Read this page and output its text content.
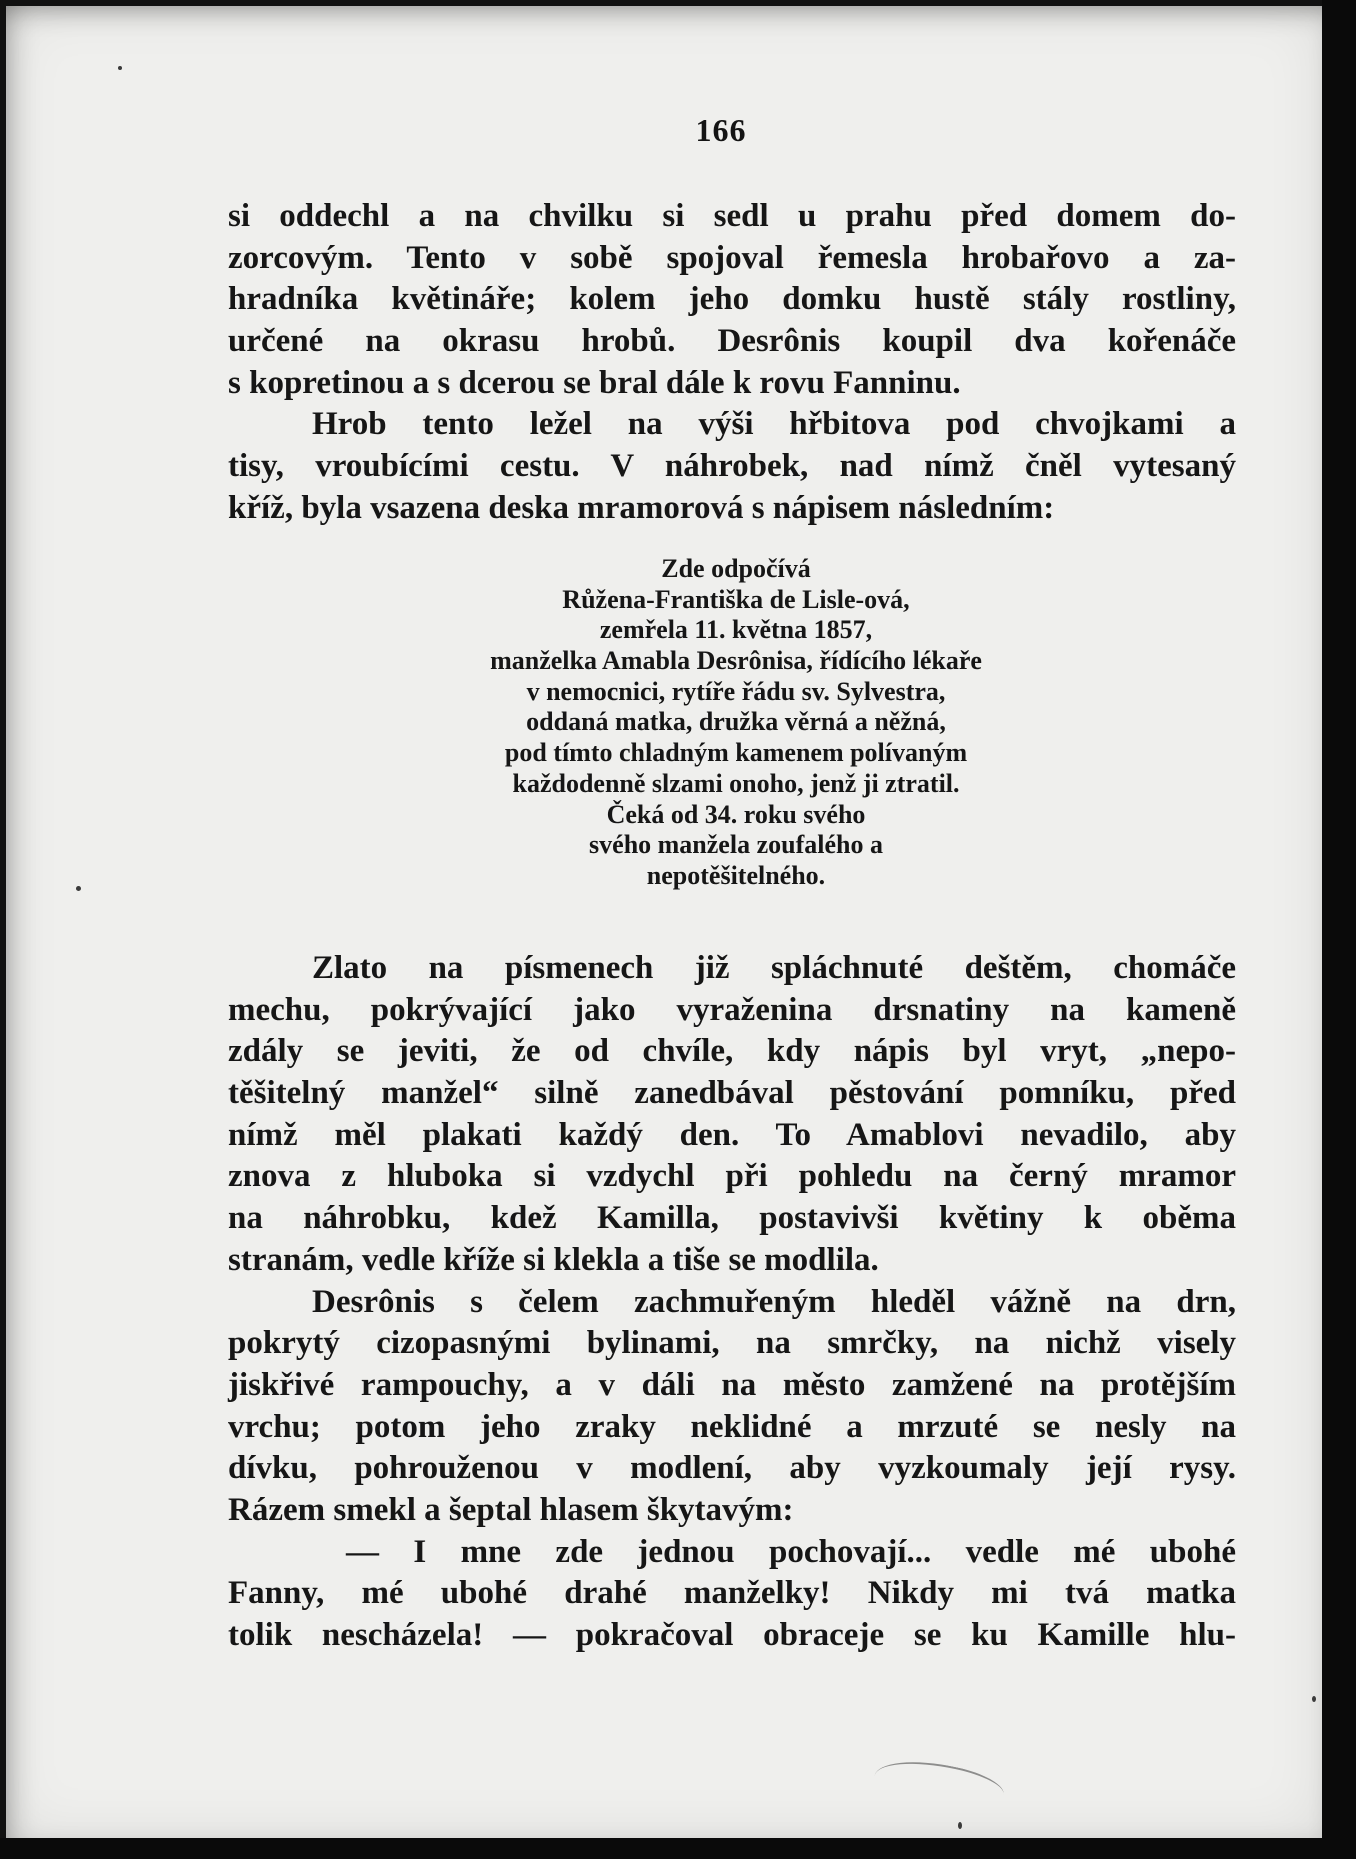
166
si oddechl a na chvilku si sedl u prahu před domem do-
zorcovým. Tento v sobě spojoval řemesla hrobařovo a za-
hradníka květináře; kolem jeho domku hustě stály rostliny,
určené na okrasu hrobů. Desrônis koupil dva kořenáče
s kopretinou a s dcerou se bral dále k rovu Fanninu.
Hrob tento ležel na výši hřbitova pod chvojkami a
tisy, vroubícími cestu. V náhrobek, nad nímž čněl vytesaný
kříž, byla vsazena deska mramorová s nápisem následním:
Zde odpočívá
Růžena-Františka de Lisle-ová,
zemřela 11. května 1857,
manželka Amabla Desrônisa, řídícího lékaře
v nemocnici, rytíře řádu sv. Sylvestra,
oddaná matka, družka věrná a něžná,
pod tímto chladným kamenem polívaným
každodenně slzami onoho, jenž ji ztratil.
Čeká od 34. roku svého
svého manžela zoufalého a
nepotěšitelného.
Zlato na písmenech již spláchnuté deštěm, chomáče
mechu, pokrývající jako vyraženina drsnatiny na kameně
zdály se jeviti, že od chvíle, kdy nápis byl vryt, „nepo-
těšitelný manžel“ silně zanedbával pěstování pomníku, před
nímž měl plakati každý den. To Amablovi nevadilo, aby
znova z hluboka si vzdychl při pohledu na černý mramor
na náhrobku, kdež Kamilla, postavivši květiny k oběma
stranám, vedle kříže si klekla a tiše se modlila.
Desrônis s čelem zachmuřeným hleděl vážně na drn,
pokrytý cizopasnými bylinami, na smrčky, na nichž visely
jiskřivé rampouchy, a v dáli na město zamžené na protějším
vrchu; potom jeho zraky neklidné a mrzuté se nesly na
dívku, pohrouženou v modlení, aby vyzkoumaly její rysy.
Rázem smekl a šeptal hlasem škytavým:
— I mne zde jednou pochovají... vedle mé ubohé
Fanny, mé ubohé drahé manželky! Nikdy mi tvá matka
tolik nescházela! — pokračoval obraceje se ku Kamille hlu-
